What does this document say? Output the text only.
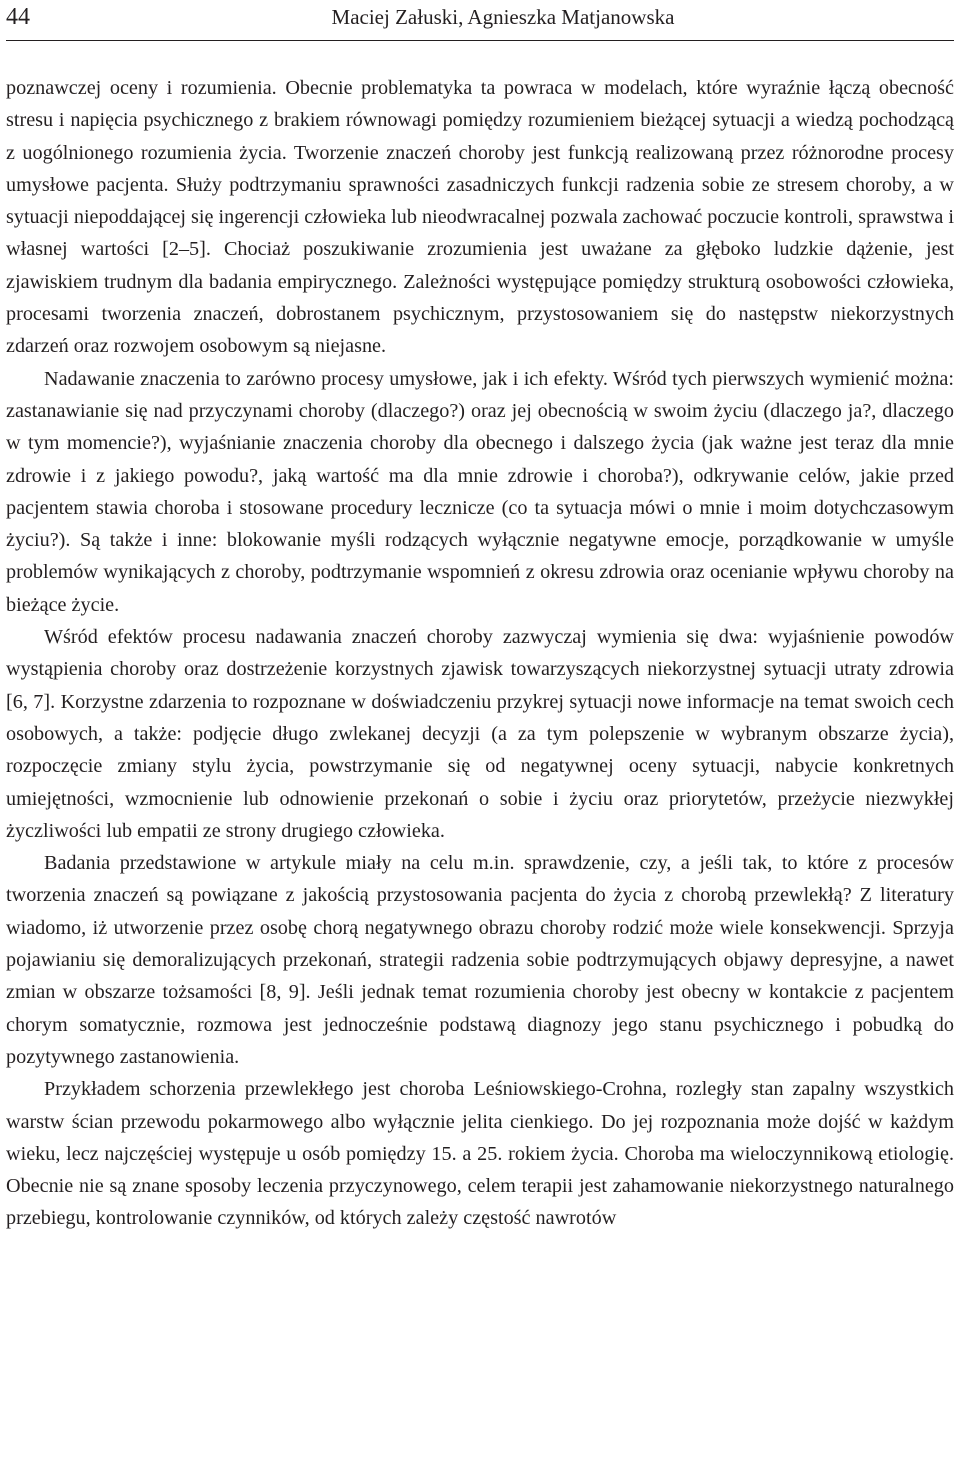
44	Maciej Załuski, Agnieszka Matjanowska

poznawczej oceny i rozumienia. Obecnie problematyka ta powraca w modelach, które wyraźnie łączą obecność stresu i napięcia psychicznego z brakiem równowagi pomiędzy rozumieniem bieżącej sytuacji a wiedzą pochodzącą z uogólnionego rozumienia życia. Tworzenie znaczeń choroby jest funkcją realizowaną przez różnorodne procesy umysłowe pacjenta. Służy podtrzymaniu sprawności zasadniczych funkcji radzenia sobie ze stresem choroby, a w sytuacji niepoddającej się ingerencji człowieka lub nieodwracalnej pozwala zachować poczucie kontroli, sprawstwa i własnej wartości [2–5]. Chociaż poszukiwanie zrozumienia jest uważane za głęboko ludzkie dążenie, jest zjawiskiem trudnym dla badania empirycznego. Zależności występujące pomiędzy strukturą osobowości człowieka, procesami tworzenia znaczeń, dobrostanem psychicznym, przystosowaniem się do następstw niekorzystnych zdarzeń oraz rozwojem osobowym są niejasne.

Nadawanie znaczenia to zarówno procesy umysłowe, jak i ich efekty. Wśród tych pierwszych wymienić można: zastanawianie się nad przyczynami choroby (dlaczego?) oraz jej obecnością w swoim życiu (dlaczego ja?, dlaczego w tym momencie?), wyjaśnianie znaczenia choroby dla obecnego i dalszego życia (jak ważne jest teraz dla mnie zdrowie i z jakiego powodu?, jaką wartość ma dla mnie zdrowie i choroba?), odkrywanie celów, jakie przed pacjentem stawia choroba i stosowane procedury lecznicze (co ta sytuacja mówi o mnie i moim dotychczasowym życiu?). Są także i inne: blokowanie myśli rodzących wyłącznie negatywne emocje, porządkowanie w umyśle problemów wynikających z choroby, podtrzymanie wspomnień z okresu zdrowia oraz ocenianie wpływu choroby na bieżące życie.

Wśród efektów procesu nadawania znaczeń choroby zazwyczaj wymienia się dwa: wyjaśnienie powodów wystąpienia choroby oraz dostrzeżenie korzystnych zjawisk towarzyszących niekorzystnej sytuacji utraty zdrowia [6, 7]. Korzystne zdarzenia to rozpoznane w doświadczeniu przykrej sytuacji nowe informacje na temat swoich cech osobowych, a także: podjęcie długo zwlekanej decyzji (a za tym polepszenie w wybranym obszarze życia), rozpoczęcie zmiany stylu życia, powstrzymanie się od negatywnej oceny sytuacji, nabycie konkretnych umiejętności, wzmocnienie lub odnowienie przekonań o sobie i życiu oraz priorytetów, przeżycie niezwykłej życzliwości lub empatii ze strony drugiego człowieka.

Badania przedstawione w artykule miały na celu m.in. sprawdzenie, czy, a jeśli tak, to które z procesów tworzenia znaczeń są powiązane z jakością przystosowania pacjenta do życia z chorobą przewlekłą? Z literatury wiadomo, iż utworzenie przez osobę chorą negatywnego obrazu choroby rodzić może wiele konsekwencji. Sprzyja pojawianiu się demoralizujących przekonań, strategii radzenia sobie podtrzymujących objawy depresyjne, a nawet zmian w obszarze tożsamości [8, 9]. Jeśli jednak temat rozumienia choroby jest obecny w kontakcie z pacjentem chorym somatycznie, rozmowa jest jednocześnie podstawą diagnozy jego stanu psychicznego i pobudką do pozytywnego zastanowienia.

Przykładem schorzenia przewlekłego jest choroba Leśniowskiego-Crohna, rozległy stan zapalny wszystkich warstw ścian przewodu pokarmowego albo wyłącznie jelita cienkiego. Do jej rozpoznania może dojść w każdym wieku, lecz najczęściej występuje u osób pomiędzy 15. a 25. rokiem życia. Choroba ma wieloczynnikową etiologię. Obecnie nie są znane sposoby leczenia przyczynowego, celem terapii jest zahamowanie niekorzystnego naturalnego przebiegu, kontrolowanie czynników, od których zależy częstość nawrotów
